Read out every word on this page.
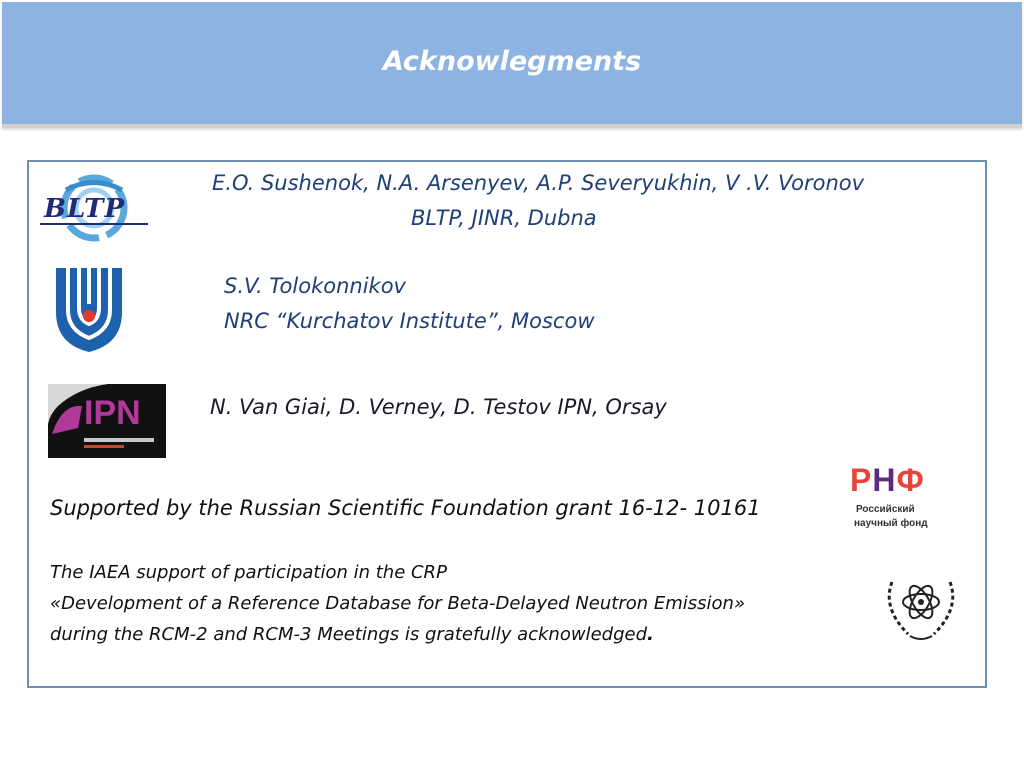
Acknowlegments
BLTP
E.O. Sushenok, N.A. Arsenyev, A.P. Severyukhin, V .V. Voronov
BLTP, JINR, Dubna
S.V. Tolokonnikov
NRC “Kurchatov Institute”, Moscow
IPN	N. Van Giai, D. Verney, D. Testov IPN, Orsay
РНФ
Российский
научный фонд
Supported by the Russian Scientific Foundation grant 16-12- 10161
The IAEA support of participation in the CRP
«Development of a Reference Database for Beta-Delayed Neutron Emission»
during the RCM-2 and RCM-3 Meetings is gratefully acknowledged.
